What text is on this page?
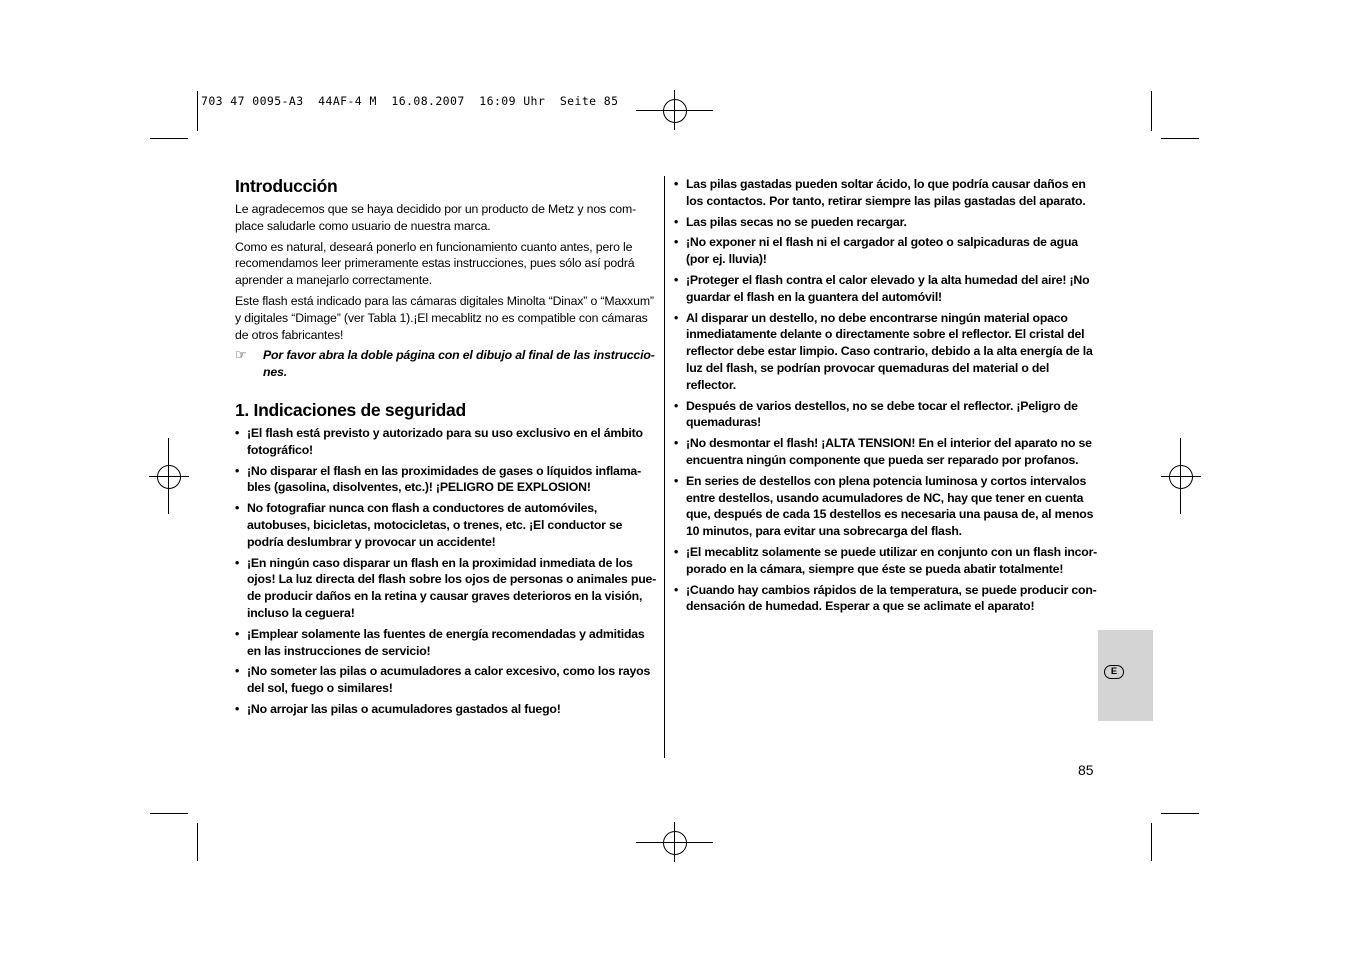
703 47 0095-A3  44AF-4 M  16.08.2007  16:09 Uhr  Seite 85
Introducción

Le agradecemos que se haya decidido por un producto de Metz y nos com-place saludarle como usuario de nuestra marca.

Como es natural, deseará ponerlo en funcionamiento cuanto antes, pero le recomendamos leer primeramente estas instrucciones, pues sólo así podrá aprender a manejarlo correctamente.

Este flash está indicado para las cámaras digitales Minolta “Dinax” o “Maxxum” y digitales “Dimage” (ver Tabla 1).¡El mecablitz no es compatible con cámaras de otros fabricantes!

☞	Por favor abra la doble página con el dibujo al final de las instruccio-nes.
1. Indicaciones de seguridad
• ¡El flash está previsto y autorizado para su uso exclusivo en el ámbito fotográfico!
• ¡No disparar el flash en las proximidades de gases o líquidos inflama-bles (gasolina, disolventes, etc.)! ¡PELIGRO DE EXPLOSION!
• No fotografiar nunca con flash a conductores de automóviles, autobuses, bicicletas, motocicletas, o trenes, etc. ¡El conductor se podría deslumbrar y provocar un accidente!
• ¡En ningún caso disparar un flash en la proximidad inmediata de los ojos! La luz directa del flash sobre los ojos de personas o animales pue-de producir daños en la retina y causar graves deterioros en la visión, incluso la ceguera!
• ¡Emplear solamente las fuentes de energía recomendadas y admitidas en las instrucciones de servicio!
• ¡No someter las pilas o acumuladores a calor excesivo, como los rayos del sol, fuego o similares!
• ¡No arrojar las pilas o acumuladores gastados al fuego!
• Las pilas gastadas pueden soltar ácido, lo que podría causar daños en los contactos. Por tanto, retirar siempre las pilas gastadas del aparato.
• Las pilas secas no se pueden recargar.
• ¡No exponer ni el flash ni el cargador al goteo o salpicaduras de agua (por ej. lluvia)!
• ¡Proteger el flash contra el calor elevado y la alta humedad del aire! ¡No guardar el flash en la guantera del automóvil!
• Al disparar un destello, no debe encontrarse ningún material opaco inmediatamente delante o directamente sobre el reflector. El cristal del reflector debe estar limpio. Caso contrario, debido a la alta energía de la luz del flash, se podrían provocar quemaduras del material o del reflector.
• Después de varios destellos, no se debe tocar el reflector. ¡Peligro de quemaduras!
• ¡No desmontar el flash! ¡ALTA TENSION! En el interior del aparato no se encuentra ningún componente que pueda ser reparado por profanos.
• En series de destellos con plena potencia luminosa y cortos intervalos entre destellos, usando acumuladores de NC, hay que tener en cuenta que, después de cada 15 destellos es necesaria una pausa de, al menos 10 minutos, para evitar una sobrecarga del flash.
• ¡El mecablitz solamente se puede utilizar en conjunto con un flash incor-porado en la cámara, siempre que éste se pueda abatir totalmente!
• ¡Cuando hay cambios rápidos de la temperatura, se puede producir con-densación de humedad. Esperar a que se aclimate el aparato!
E
85
